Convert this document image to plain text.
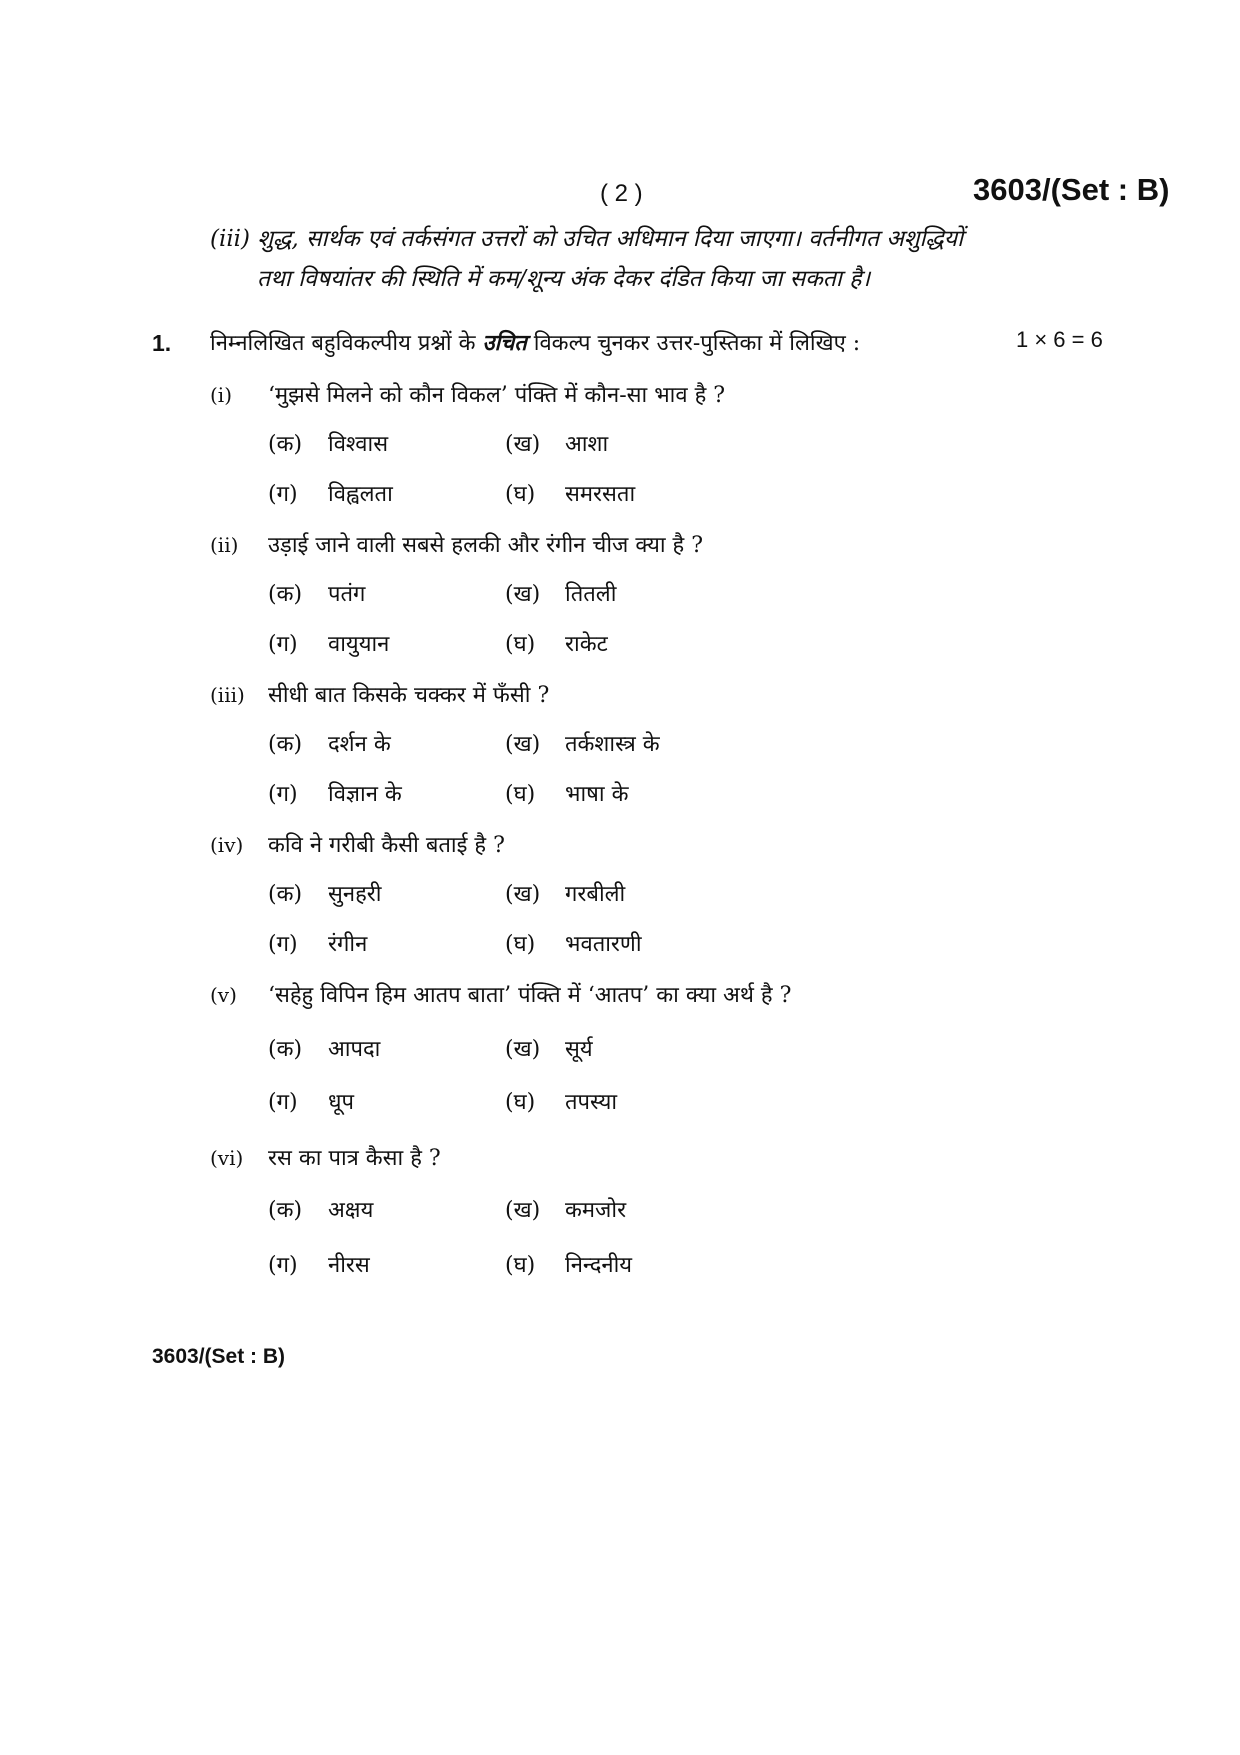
( 2 )	3603/(Set : B)
(iii) शुद्ध, सार्थक एवं तर्कसंगत उत्तरों को उचित अधिमान दिया जाएगा। वर्तनीगत अशुद्धियों
तथा विषयांतर की स्थिति में कम/शून्य अंक देकर दंडित किया जा सकता है।
1. निम्नलिखित बहुविकल्पीय प्रश्नों के उचित विकल्प चुनकर उत्तर-पुस्तिका में लिखिए :	1 × 6 = 6
(i) ‘मुझसे मिलने को कौन विकल’ पंक्ति में कौन-सा भाव है ?
(क) विश्वास	(ख) आशा
(ग) विह्वलता	(घ) समरसता
(ii) उड़ाई जाने वाली सबसे हलकी और रंगीन चीज क्या है ?
(क) पतंग	(ख) तितली
(ग) वायुयान	(घ) राकेट
(iii) सीधी बात किसके चक्कर में फँसी ?
(क) दर्शन के	(ख) तर्कशास्त्र के
(ग) विज्ञान के	(घ) भाषा के
(iv) कवि ने गरीबी कैसी बताई है ?
(क) सुनहरी	(ख) गरबीली
(ग) रंगीन	(घ) भवतारणी
(v) ‘सहेहु विपिन हिम आतप बाता’ पंक्ति में ‘आतप’ का क्या अर्थ है ?
(क) आपदा	(ख) सूर्य
(ग) धूप	(घ) तपस्या
(vi) रस का पात्र कैसा है ?
(क) अक्षय	(ख) कमजोर
(ग) नीरस	(घ) निन्दनीय
3603/(Set : B)
